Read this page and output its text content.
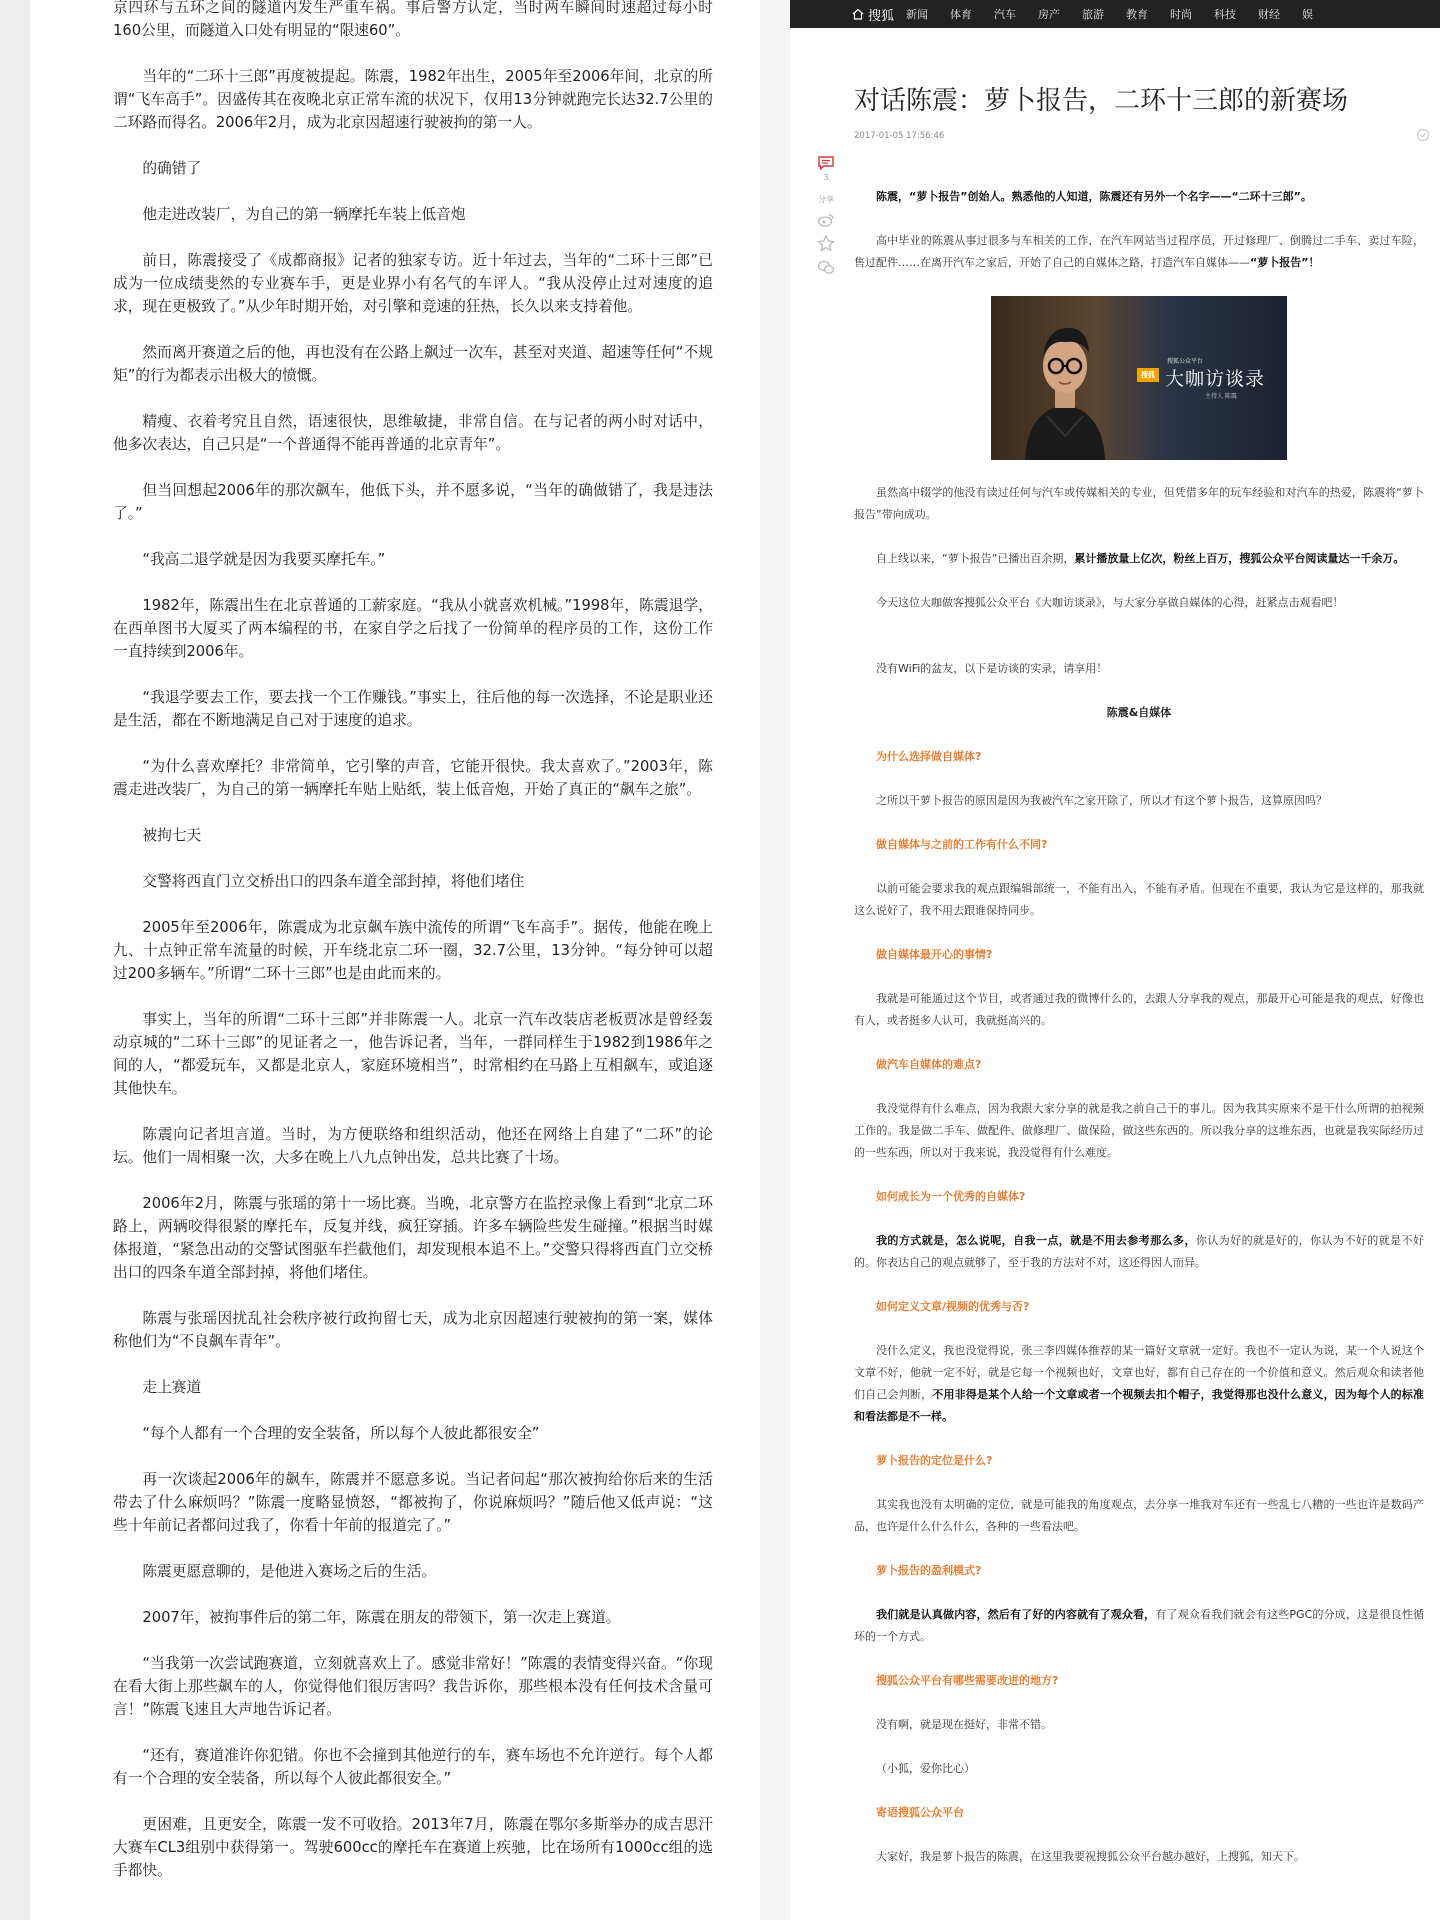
京四环与五环之间的隧道内发生严重车祸。事后警方认定，当时两车瞬间时速超过每小时160公里，而隧道入口处有明显的“限速60”。

当年的“二环十三郎”再度被提起。陈震，1982年出生，2005年至2006年间，北京的所谓“飞车高手”。因盛传其在夜晚北京正常车流的状况下，仅用13分钟就跑完长达32.7公里的二环路而得名。2006年2月，成为北京因超速行驶被拘的第一人。

的确错了

他走进改装厂，为自己的第一辆摩托车装上低音炮

前日，陈震接受了《成都商报》记者的独家专访。近十年过去，当年的“二环十三郎”已成为一位成绩斐然的专业赛车手，更是业界小有名气的车评人。“我从没停止过对速度的追求，现在更极致了。”从少年时期开始，对引擎和竞速的狂热，长久以来支持着他。

然而离开赛道之后的他，再也没有在公路上飙过一次车，甚至对夹道、超速等任何“不规矩”的行为都表示出极大的愤慨。

精瘦、衣着考究且自然，语速很快，思维敏捷，非常自信。在与记者的两小时对话中，他多次表达，自己只是“一个普通得不能再普通的北京青年”。

但当回想起2006年的那次飙车，他低下头，并不愿多说，“当年的确做错了，我是违法了。”

“我高二退学就是因为我要买摩托车。”

1982年，陈震出生在北京普通的工薪家庭。“我从小就喜欢机械。”1998年，陈震退学，在西单图书大厦买了两本编程的书，在家自学之后找了一份简单的程序员的工作，这份工作一直持续到2006年。

“我退学要去工作，要去找一个工作赚钱。”事实上，往后他的每一次选择，不论是职业还是生活，都在不断地满足自己对于速度的追求。

“为什么喜欢摩托？非常简单，它引擎的声音，它能开很快。我太喜欢了。”2003年，陈震走进改装厂，为自己的第一辆摩托车贴上贴纸，装上低音炮，开始了真正的“飙车之旅”。

被拘七天

交警将西直门立交桥出口的四条车道全部封掉，将他们堵住

2005年至2006年，陈震成为北京飙车族中流传的所谓“飞车高手”。据传，他能在晚上九、十点钟正常车流量的时候，开车绕北京二环一圈，32.7公里，13分钟。“每分钟可以超过200多辆车。”所谓“二环十三郎”也是由此而来的。

事实上，当年的所谓“二环十三郎”并非陈震一人。北京一汽车改装店老板贾冰是曾经轰动京城的“二环十三郎”的见证者之一，他告诉记者，当年，一群同样生于1982到1986年之间的人，“都爱玩车，又都是北京人，家庭环境相当”，时常相约在马路上互相飙车，或追逐其他快车。

陈震向记者坦言道。当时，为方便联络和组织活动，他还在网络上自建了“二环”的论坛。他们一周相聚一次，大多在晚上八九点钟出发，总共比赛了十场。

2006年2月，陈震与张瑶的第十一场比赛。当晚，北京警方在监控录像上看到“北京二环路上，两辆咬得很紧的摩托车，反复并线，疯狂穿插。许多车辆险些发生碰撞。”根据当时媒体报道，“紧急出动的交警试图驱车拦截他们，却发现根本追不上。”交警只得将西直门立交桥出口的四条车道全部封掉，将他们堵住。

陈震与张瑶因扰乱社会秩序被行政拘留七天，成为北京因超速行驶被拘的第一案，媒体称他们为“不良飙车青年”。

走上赛道

“每个人都有一个合理的安全装备，所以每个人彼此都很安全”

再一次谈起2006年的飙车，陈震并不愿意多说。当记者问起“那次被拘给你后来的生活带去了什么麻烦吗？”陈震一度略显愤怒，“都被拘了，你说麻烦吗？”随后他又低声说：“这些十年前记者都问过我了，你看十年前的报道完了。”

陈震更愿意聊的，是他进入赛场之后的生活。

2007年，被拘事件后的第二年，陈震在朋友的带领下，第一次走上赛道。

“当我第一次尝试跑赛道，立刻就喜欢上了。感觉非常好！”陈震的表情变得兴奋。“你现在看大街上那些飙车的人，你觉得他们很厉害吗？我告诉你，那些根本没有任何技术含量可言！”陈震飞速且大声地告诉记者。

“还有，赛道准许你犯错。你也不会撞到其他逆行的车，赛车场也不允许逆行。每个人都有一个合理的安全装备，所以每个人彼此都很安全。”

更困难，且更安全，陈震一发不可收拾。2013年7月，陈震在鄂尔多斯举办的成吉思汗大赛车CL3组别中获得第一。驾驶600cc的摩托车在赛道上疾驰，比在场所有1000cc组的选手都快。

搜狐 新闻 体育 汽车 房产 旅游 教育 时尚 科技 财经 娱
对话陈震：萝卜报告，二环十三郎的新赛场
2017-01-05 17:56:46
3
分享	陈震，“萝卜报告”创始人。熟悉他的人知道，陈震还有另外一个名字——“二环十三郎”。

高中毕业的陈震从事过很多与车相关的工作，在汽车网站当过程序员，开过修理厂、倒腾过二手车、卖过车险，售过配件……在离开汽车之家后，开始了自己的自媒体之路，打造汽车自媒体——“萝卜报告”！

搜狐
搜狐公众平台
大咖访谈录
主持人 陈震

虽然高中辍学的他没有读过任何与汽车或传媒相关的专业，但凭借多年的玩车经验和对汽车的热爱，陈震将“萝卜报告”带向成功。

自上线以来，“萝卜报告”已播出百余期，累计播放量上亿次，粉丝上百万，搜狐公众平台阅读量达一千余万。

今天这位大咖做客搜狐公众平台《大咖访谈录》，与大家分享做自媒体的心得，赶紧点击观看吧！

没有WiFi的盆友，以下是访谈的实录，请享用！

陈震&自媒体

为什么选择做自媒体?

之所以干萝卜报告的原因是因为我被汽车之家开除了，所以才有这个萝卜报告，这算原因吗？

做自媒体与之前的工作有什么不同?

以前可能会要求我的观点跟编辑部统一，不能有出入，不能有矛盾。但现在不重要，我认为它是这样的，那我就这么说好了，我不用去跟谁保持同步。

做自媒体最开心的事情?

我就是可能通过这个节目，或者通过我的微博什么的，去跟人分享我的观点，那最开心可能是我的观点，好像也有人，或者挺多人认可，我就挺高兴的。

做汽车自媒体的难点?

我没觉得有什么难点，因为我跟大家分享的就是我之前自己干的事儿。因为我其实原来不是干什么所谓的拍视频工作的。我是做二手车、做配件、做修理厂、做保险，做这些东西的。所以我分享的这堆东西，也就是我实际经历过的一些东西，所以对于我来说，我没觉得有什么难度。

如何成长为一个优秀的自媒体?

我的方式就是，怎么说呢，自我一点，就是不用去参考那么多，你认为好的就是好的，你认为不好的就是不好的。你表达自己的观点就够了，至于我的方法对不对，这还得因人而异。

如何定义文章/视频的优秀与否?

没什么定义，我也没觉得说，张三李四媒体推荐的某一篇好文章就一定好。我也不一定认为说，某一个人说这个文章不好，他就一定不好，就是它每一个视频也好，文章也好，都有自己存在的一个价值和意义。然后观众和读者他们自己会判断，不用非得是某个人给一个文章或者一个视频去扣个帽子，我觉得那也没什么意义，因为每个人的标准和看法都是不一样。

萝卜报告的定位是什么?

其实我也没有太明确的定位，就是可能我的角度观点，去分享一堆我对车还有一些乱七八糟的一些也许是数码产品，也许是什么什么什么，各种的一些看法吧。

萝卜报告的盈利模式?

我们就是认真做内容，然后有了好的内容就有了观众看，有了观众看我们就会有这些PGC的分成，这是很良性循环的一个方式。

搜狐公众平台有哪些需要改进的地方?

没有啊，就是现在挺好，非常不错。

（小狐，爱你比心）

寄语搜狐公众平台

大家好，我是萝卜报告的陈震，在这里我要祝搜狐公众平台越办越好，上搜狐，知天下。
